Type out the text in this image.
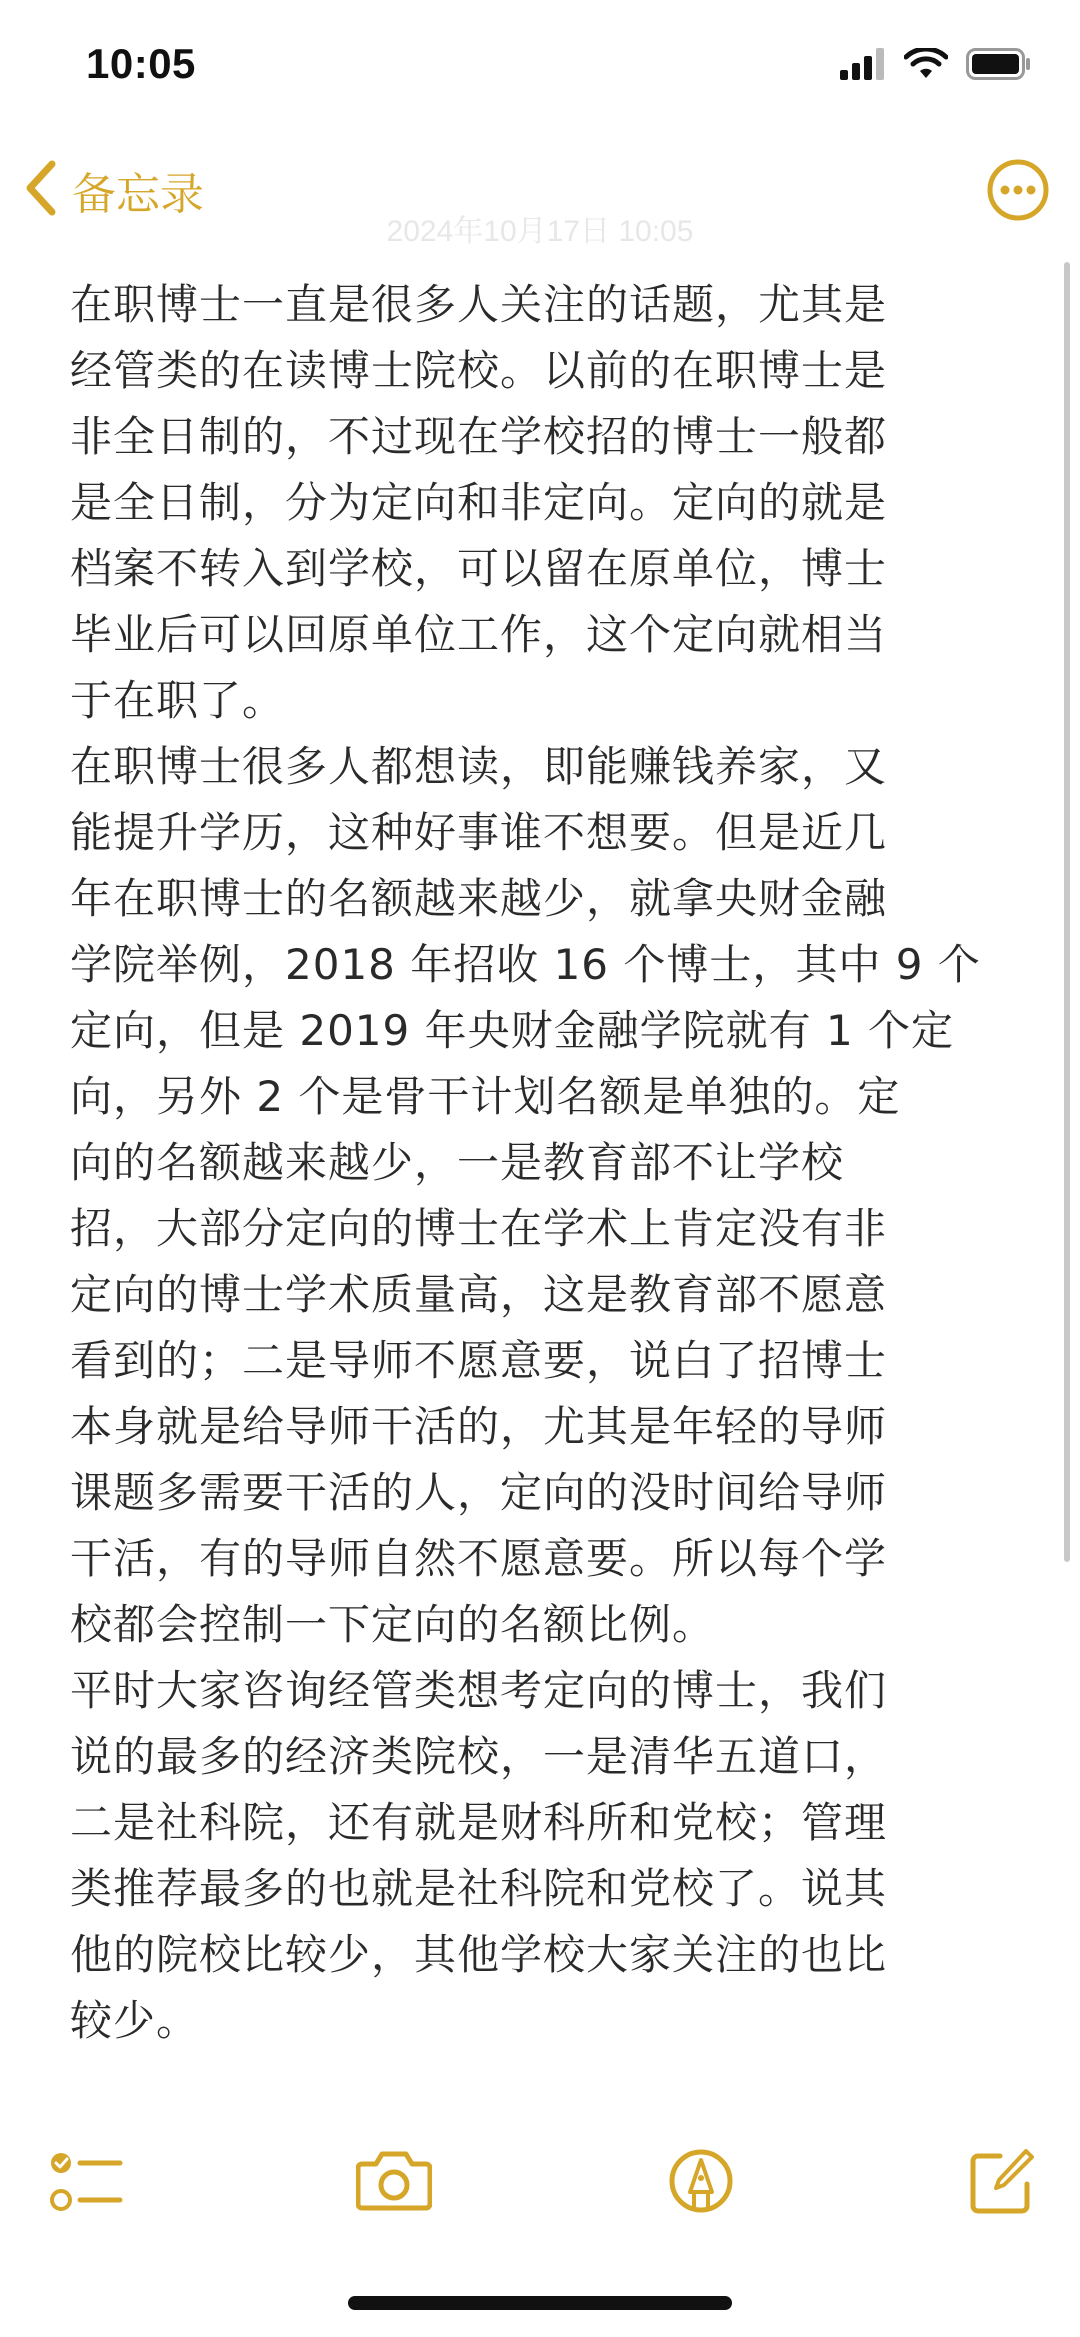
10:05
备忘录
2024年10月17日 10:05
在职博士一直是很多人关注的话题，尤其是
经管类的在读博士院校。以前的在职博士是
非全日制的，不过现在学校招的博士一般都
是全日制，分为定向和非定向。定向的就是
档案不转入到学校，可以留在原单位，博士
毕业后可以回原单位工作，这个定向就相当
于在职了。
在职博士很多人都想读，即能赚钱养家，又
能提升学历，这种好事谁不想要。但是近几
年在职博士的名额越来越少，就拿央财金融
学院举例，2018 年招收 16 个博士，其中 9 个
定向，但是 2019 年央财金融学院就有 1 个定
向，另外 2 个是骨干计划名额是单独的。定
向的名额越来越少，一是教育部不让学校
招，大部分定向的博士在学术上肯定没有非
定向的博士学术质量高，这是教育部不愿意
看到的；二是导师不愿意要，说白了招博士
本身就是给导师干活的，尤其是年轻的导师
课题多需要干活的人，定向的没时间给导师
干活，有的导师自然不愿意要。所以每个学
校都会控制一下定向的名额比例。
平时大家咨询经管类想考定向的博士，我们
说的最多的经济类院校，一是清华五道口，
二是社科院，还有就是财科所和党校；管理
类推荐最多的也就是社科院和党校了。说其
他的院校比较少，其他学校大家关注的也比
较少。
